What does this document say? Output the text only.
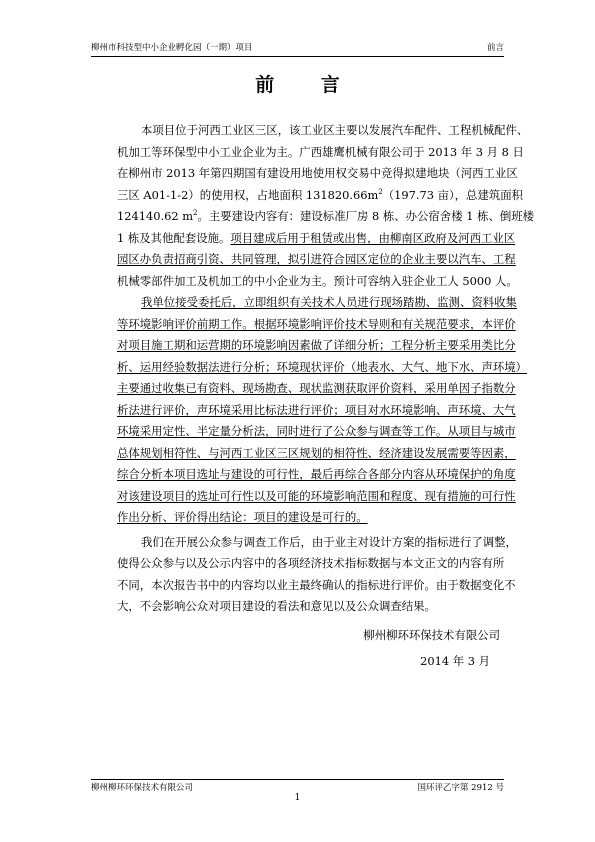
柳州市科技型中小企业孵化园（一期）项目	前言
前 言
本项目位于河西工业区三区，该工业区主要以发展汽车配件、工程机械配件、
机加工等环保型中小工业企业为主。广西雄鹰机械有限公司于 2013 年 3 月 8 日
在柳州市 2013 年第四期国有建设用地使用权交易中竞得拟建地块（河西工业区
三区 A01-1-2）的使用权，占地面积 $131820.66m^2(197.73$ 亩），总建筑面积
124140.62 $m^2$。主要建设内容有：建设标准厂房 8 栋、办公宿舍楼 1 栋、倒班楼
1 栋及其他配套设施。项目建成后用于租赁或出售，由柳南区政府及河西工业区
园区办负责招商引资、共同管理，拟引进符合园区定位的企业主要以汽车、工程
机械零部件加工及机加工的中小企业为主。预计可容纳入驻企业工人 5000 人。
我单位接受委托后，立即组织有关技术人员进行现场踏勘、监测、资料收集
等环境影响评价前期工作。根据环境影响评价技术导则和有关规范要求，本评价
对项目施工期和运营期的环境影响因素做了详细分析；工程分析主要采用类比分
析、运用经验数据法进行分析；环境现状评价（地表水、大气、地下水、声环境）
主要通过收集已有资料、现场勘查、现状监测获取评价资料，采用单因子指数分
析法进行评价，声环境采用比标法进行评价；项目对水环境影响、声环境、大气
环境采用定性、半定量分析法，同时进行了公众参与调查等工作。从项目与城市
总体规划相符性、与河西工业区三区规划的相符性、经济建设发展需要等因素，
综合分析本项目选址与建设的可行性，最后再综合各部分内容从环境保护的角度
对该建设项目的选址可行性以及可能的环境影响范围和程度、现有措施的可行性
作出分析、评价得出结论：项目的建设是可行的。
我们在开展公众参与调查工作后，由于业主对设计方案的指标进行了调整，
使得公众参与以及公示内容中的各项经济技术指标数据与本文正文的内容有所
不同，本次报告书中的内容均以业主最终确认的指标进行评价。由于数据变化不
大，不会影响公众对项目建设的看法和意见以及公众调查结果。
柳州柳环环保技术有限公司
2014 年 3 月
柳州柳环环保技术有限公司	国环评乙字第 2912 号
1
